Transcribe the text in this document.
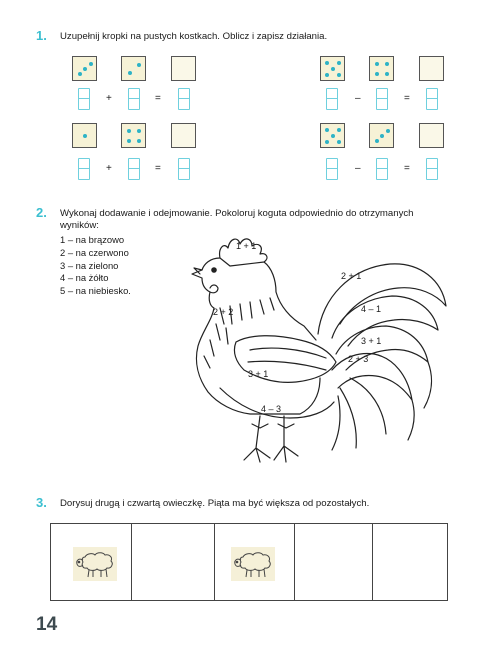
1. Uzupełnij kropki na pustych kostkach. Oblicz i zapisz działania.
+	=
+	=
–	=
–	=
2. Wykonaj dodawanie i odejmowanie. Pokoloruj koguta odpowiednio do otrzymanych wyników:
1 – na brązowo
2 – na czerwono
3 – na zielono
4 – na żółto
5 – na niebiesko.
1 + 1
2 + 2
2 + 1
4 – 1
3 + 1
2 + 3
3 + 1
4 – 3
3. Dorysuj drugą i czwartą owieczkę. Piąta ma być większa od pozostałych.
14
